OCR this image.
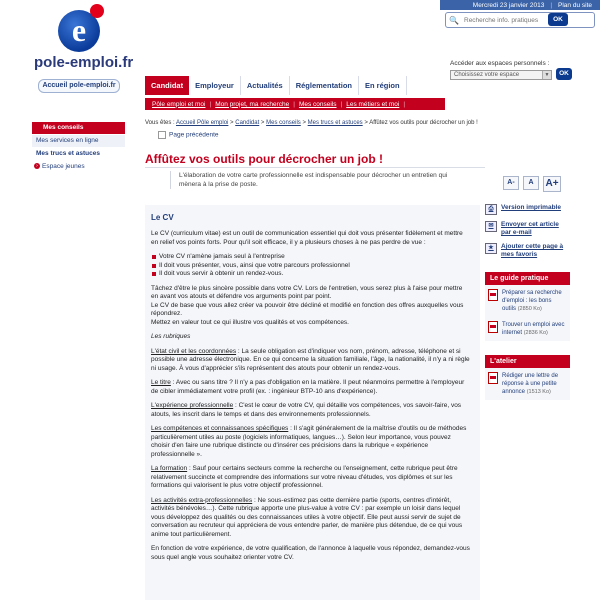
e
pole-emploi.fr
Mercredi 23 janvier 2013 | Plan du site
🔍
Recherche info. pratiques	OK
Accéder aux espaces personnels :
Choisissez votre espace	▼	OK
Accueil pole-emploi.fr	Candidat	Employeur	Actualités	Réglementation	En région
Pôle emploi et moi | Mon projet, ma recherche | Mes conseils | Les métiers et moi |
Mes conseils
Mes services en ligne
Mes trucs et astuces
› Espace jeunes
Vous êtes : Accueil Pôle emploi > Candidat > Mes conseils > Mes trucs et astuces > Affûtez vos outils pour décrocher un job !
Page précédente
Affûtez vos outils pour décrocher un job !
L'élaboration de votre carte professionnelle est indispensable pour décrocher un entretien qui mènera à la prise de poste.
Le CV

Le CV (curriculum vitae) est un outil de communication essentiel qui doit vous présenter fidèlement et mettre en relief vos points forts. Pour qu'il soit efficace, il y a plusieurs choses à ne pas perdre de vue :

Votre CV n'amène jamais seul à l'entreprise
Il doit vous présenter, vous, ainsi que votre parcours professionnel
Il doit vous servir à obtenir un rendez-vous.

Tâchez d'être le plus sincère possible dans votre CV. Lors de l'entretien, vous serez plus à l'aise pour mettre en avant vos atouts et défendre vos arguments point par point.
Le CV de base que vous allez créer va pouvoir être décliné et modifié en fonction des offres auxquelles vous répondrez.
Mettez en valeur tout ce qui illustre vos qualités et vos compétences.

Les rubriques

L'état civil et les coordonnées : La seule obligation est d'indiquer vos nom, prénom, adresse, téléphone et si possible une adresse électronique. En ce qui concerne la situation familiale, l'âge, la nationalité, il n'y a ni règle ni usage. À vous d'apprécier s'ils représentent des atouts pour obtenir un rendez-vous.

Le titre : Avec ou sans titre ? Il n'y a pas d'obligation en la matière. Il peut néanmoins permettre à l'employeur de cibler immédiatement votre profil (ex. : ingénieur BTP-10 ans d'expérience).

L'expérience professionnelle : C'est le cœur de votre CV, qui détaille vos compétences, vos savoir-faire, vos atouts, les inscrit dans le temps et dans des environnements professionnels.

Les compétences et connaissances spécifiques : Il s'agit généralement de la maîtrise d'outils ou de méthodes particulièrement utiles au poste (logiciels informatiques, langues…). Selon leur importance, vous pouvez choisir d'en faire une rubrique distincte ou d'insérer ces précisions dans la rubrique « expérience professionnelle ».

La formation : Sauf pour certains secteurs comme la recherche ou l'enseignement, cette rubrique peut être relativement succincte et comprendre des informations sur votre niveau d'études, vos diplômes et sur les formations qui valorisent le plus votre objectif professionnel.

Les activités extra-professionnelles : Ne sous-estimez pas cette dernière partie (sports, centres d'intérêt, activités bénévoles…). Cette rubrique apporte une plus-value à votre CV : par exemple un loisir dans lequel vous développez des qualités ou des connaissances utiles à votre objectif. Elle peut aussi servir de sujet de conversation au recruteur qui appréciera de vous entendre parler, de manière plus détendue, de ce qui vous anime tout particulièrement.

En fonction de votre expérience, de votre qualification, de l'annonce à laquelle vous répondez, demandez-vous sous quel angle vous souhaitez orienter votre CV.

A-	A	A+
⎙	Version imprimable
✉	Envoyer cet article par e-mail
★	Ajouter cette page à mes favoris
Le guide pratique
Préparer sa recherche d'emploi : les bons outils (2850 Ko)
Trouver un emploi avec internet (2836 Ko)
L'atelier
Rédiger une lettre de réponse à une petite annonce (1513 Ko)
